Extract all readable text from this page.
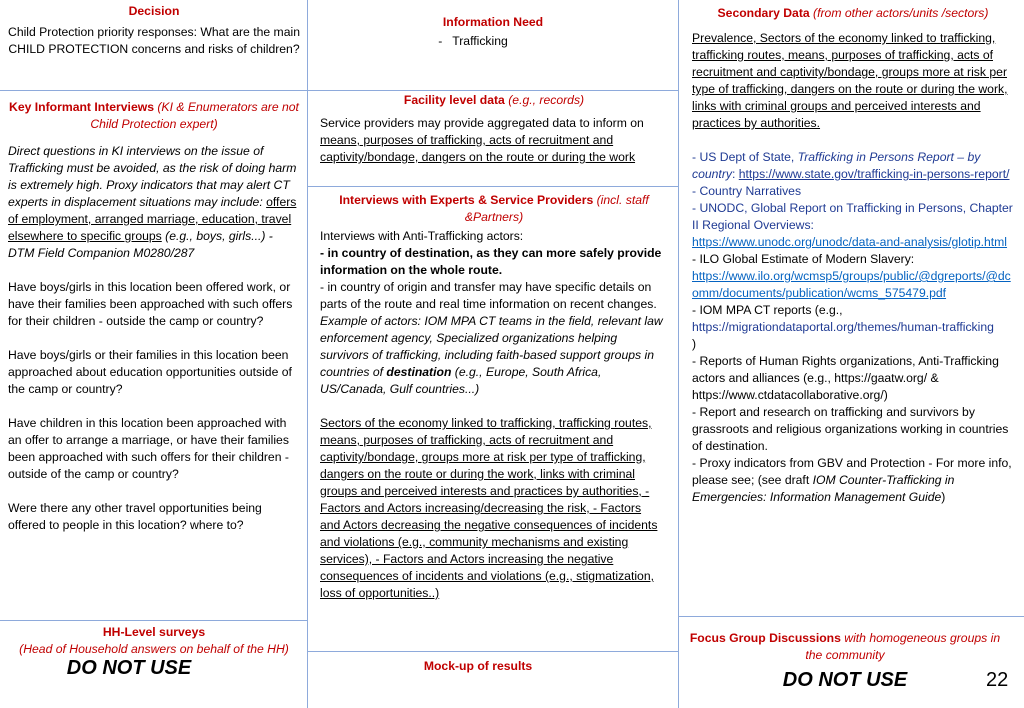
Decision
Child Protection priority responses: What are the main CHILD PROTECTION concerns and risks of children?
Information Need
- Trafficking
Secondary Data (from other actors/units /sectors)

Prevalence, Sectors of the economy linked to trafficking, trafficking routes, means, purposes of trafficking, acts of recruitment and captivity/bondage, groups more at risk per type of trafficking, dangers on the route or during the work, links with criminal groups and perceived interests and practices by authorities.

- US Dept of State, Trafficking in Persons Report – by country: https://www.state.gov/trafficking-in-persons-report/ - Country Narratives

- UNODC, Global Report on Trafficking in Persons, Chapter II Regional Overviews:

https://www.unodc.org/unodc/data-and-analysis/glotip.html

- ILO Global Estimate of Modern Slavery:

https://www.ilo.org/wcmsp5/groups/public/@dgreports/@dcomm/documents/publication/wcms_575479.pdf

- IOM MPA CT reports (e.g.,

https://migrationdataportal.org/themes/human-trafficking

)

- Reports of Human Rights organizations, Anti-Trafficking actors and alliances (e.g., https://gaatw.org/ & https://www.ctdatacollaborative.org/)

- Report and research on trafficking and survivors by grassroots and religious organizations working in countries of destination.

- Proxy indicators from GBV and Protection - For more info, please see; (see draft IOM Counter-Trafficking in Emergencies: Information Management Guide)

Key Informant Interviews (KI & Enumerators are not Child Protection expert)

Direct questions in KI interviews on the issue of Trafficking must be avoided, as the risk of doing harm is extremely high. Proxy indicators that may alert CT experts in displacement situations may include: offers of employment, arranged marriage, education, travel elsewhere to specific groups (e.g., boys, girls...) - DTM Field Companion M0280/287

Have boys/girls in this location been offered work, or have their families been approached with such offers for their children - outside the camp or country?

Have boys/girls or their families in this location been approached about education opportunities outside of the camp or country?

Have children in this location been approached with an offer to arrange a marriage, or have their families been approached with such offers for their children - outside of the camp or country?

Were there any other travel opportunities being offered to people in this location? where to?

Facility level data (e.g., records)

Service providers may provide aggregated data to inform on means, purposes of trafficking, acts of recruitment and captivity/bondage, dangers on the route or during the work

Interviews with Experts & Service Providers (incl. staff &Partners)

Interviews with Anti-Trafficking actors:

- in country of destination, as they can more safely provide information on the whole route.

- in country of origin and transfer may have specific details on parts of the route and real time information on recent changes.

Example of actors: IOM MPA CT teams in the field, relevant law enforcement agency, Specialized organizations helping survivors of trafficking, including faith-based support groups in countries of destination (e.g., Europe, South Africa, US/Canada, Gulf countries...)

Sectors of the economy linked to trafficking, trafficking routes, means, purposes of trafficking, acts of recruitment and captivity/bondage, groups more at risk per type of trafficking, dangers on the route or during the work, links with criminal groups and perceived interests and practices by authorities, - Factors and Actors increasing/decreasing the risk, - Factors and Actors decreasing the negative consequences of incidents and violations (e.g., community mechanisms and existing services), - Factors and Actors increasing the negative consequences of incidents and violations (e.g., stigmatization, loss of opportunities..)

HH-Level surveys
(Head of Household answers on behalf of the HH)
DO NOT USE	Mock-up of results
Focus Group Discussions with homogeneous groups in the community
DO NOT USE	22
